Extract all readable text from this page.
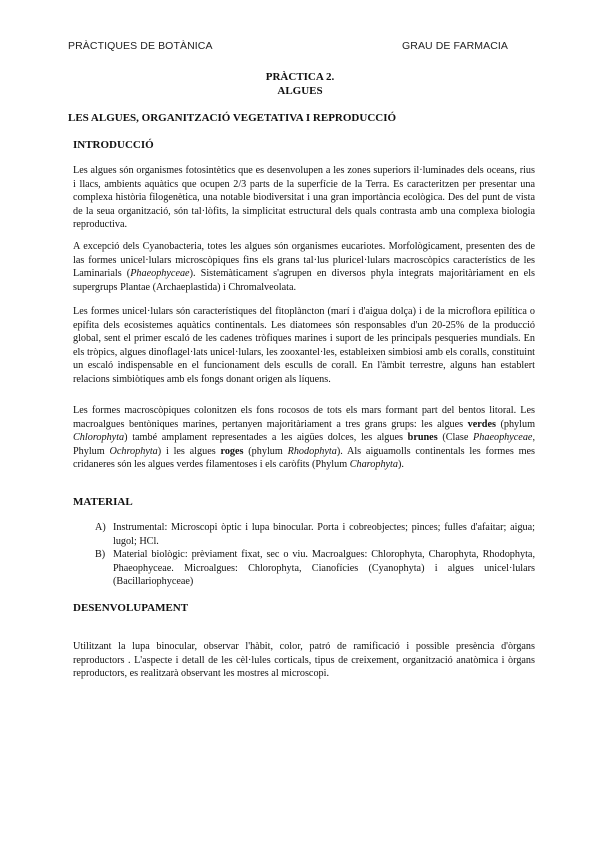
PRÀCTIQUES DE BOTÀNICA	GRAU DE FARMACIA
PRÀCTICA 2.
ALGUES
LES ALGUES, ORGANITZACIÓ VEGETATIVA I REPRODUCCIÓ
INTRODUCCIÓ

Les algues són organismes fotosintètics que es desenvolupen a les zones superiors il·luminades dels oceans, rius i llacs, ambients aquàtics que ocupen 2/3 parts de la superfície de la Terra. Es caracteritzen per presentar una complexa història filogenètica, una notable biodiversitat i una gran importància ecològica. Des del punt de vista de la seua organització, són tal·lòfits, la simplicitat estructural dels quals contrasta amb una complexa biologia reproductiva.

A excepció dels Cyanobacteria, totes les algues són organismes eucariotes. Morfològicament, presenten des de las formes unicel·lulars microscòpiques fins els grans tal·lus pluricel·lulars macroscòpics característics de les Laminarials (Phaeophyceae). Sistemàticament s'agrupen en diversos phyla integrats majoritàriament en els supergrups Plantae (Archaeplastida) i Chromalveolata.

Les formes unicel·lulars són característiques del fitoplàncton (marí i d'aigua dolça) i de la microflora epilítica o epífita dels ecosistemes aquàtics continentals. Les diatomees són responsables d'un 20-25% de la producció global, sent el primer escaló de les cadenes tròfiques marines i suport de les principals pesqueries mundials. En els tròpics, algues dinoflagel·lats unicel·lulars, les zooxantel·les, estableixen simbiosi amb els coralls, constituint un escaló indispensable en el funcionament dels esculls de corall. En l'àmbit terrestre, alguns han establert relacions simbiòtiques amb els fongs donant origen als líquens.

Les formes macroscòpiques colonitzen els fons rocosos de tots els mars formant part del bentos litoral. Les macroalgues bentòniques marines, pertanyen majoritàriament a tres grans grups: les algues verdes (phylum Chlorophyta) també amplament representades a les aigües dolces, les algues brunes (Clase Phaeophyceae, Phylum Ochrophyta) i les algues roges (phylum Rhodophyta). Als aiguamolls continentals les formes mes cridaneres són les algues verdes filamentoses i els caròfits (Phylum Charophyta).

MATERIAL
A) Instrumental: Microscopi òptic i lupa binocular. Porta i cobreobjectes; pinces; fulles d'afaitar; aigua; lugol; HCl.
B) Material biològic: prèviament fixat, sec o viu. Macroalgues: Chlorophyta, Charophyta, Rhodophyta, Phaeophyceae. Microalgues: Chlorophyta, Cianofícies (Cyanophyta) i algues unicel·lulars (Bacillariophyceae)
DESENVOLUPAMENT

Utilitzant la lupa binocular, observar l'hàbit, color, patró de ramificació i possible presència d'òrgans reproductors . L'aspecte i detall de les cèl·lules corticals, tipus de creixement, organització anatòmica i òrgans reproductors, es realitzarà observant les mostres al microscopi.
